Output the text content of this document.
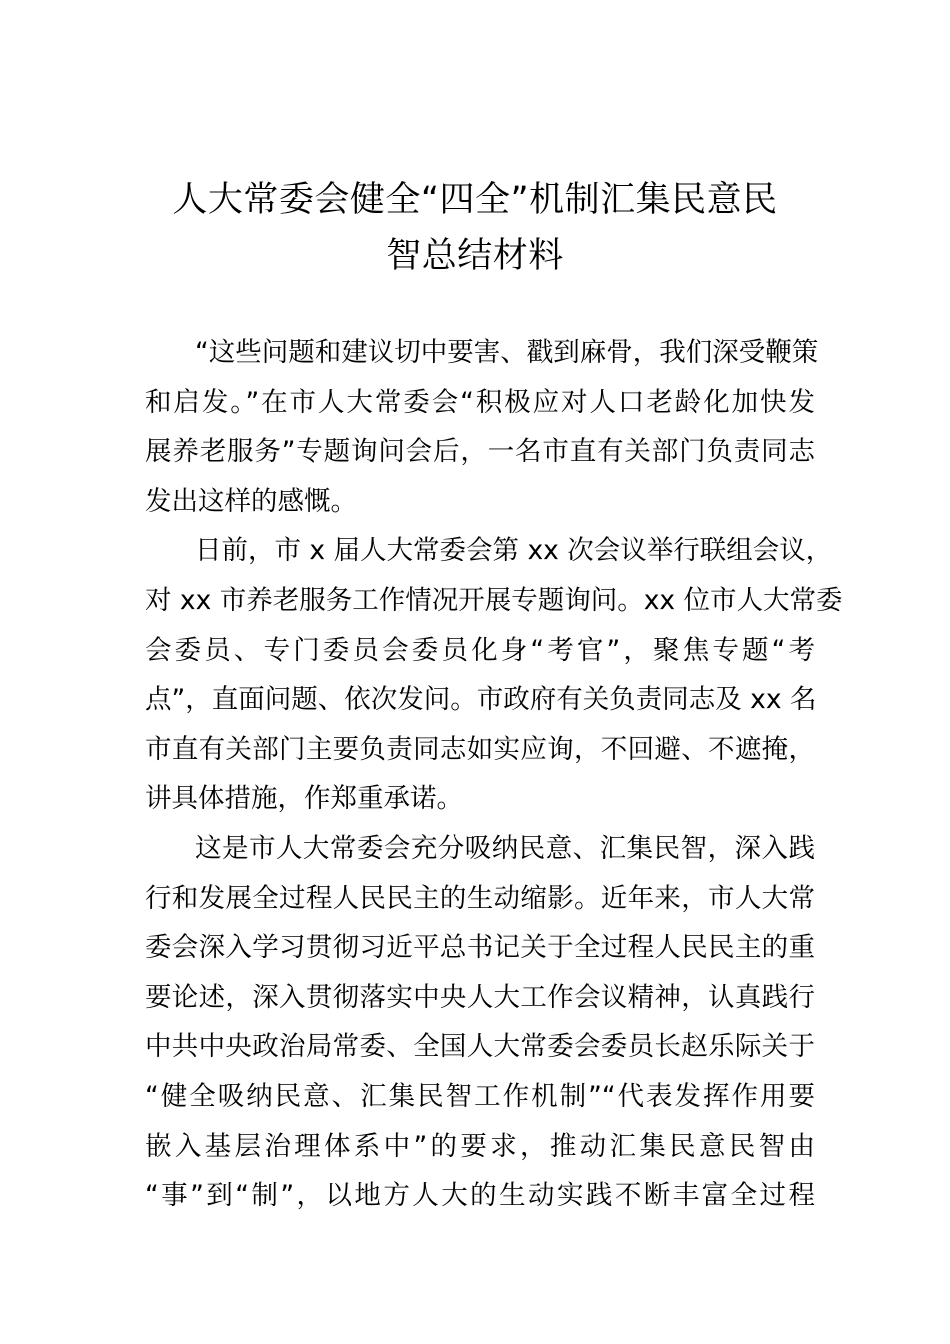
人大常委会健全“四全”机制汇集民意民
智总结材料
“这些问题和建议切中要害、戳到麻骨，我们深受鞭策
和启发。”在市人大常委会“积极应对人口老龄化加快发
展养老服务”专题询问会后，一名市直有关部门负责同志
发出这样的感慨。
日前，市 x 届人大常委会第 xx 次会议举行联组会议，
对 xx 市养老服务工作情况开展专题询问。xx 位市人大常委
会委员、专门委员会委员化身“考官”，聚焦专题“考
点”，直面问题、依次发问。市政府有关负责同志及 xx 名
市直有关部门主要负责同志如实应询，不回避、不遮掩，
讲具体措施，作郑重承诺。
这是市人大常委会充分吸纳民意、汇集民智，深入践
行和发展全过程人民民主的生动缩影。近年来，市人大常
委会深入学习贯彻习近平总书记关于全过程人民民主的重
要论述，深入贯彻落实中央人大工作会议精神，认真践行
中共中央政治局常委、全国人大常委会委员长赵乐际关于
“健全吸纳民意、汇集民智工作机制”“代表发挥作用要
嵌入基层治理体系中”的要求，推动汇集民意民智由
“事”到“制”，以地方人大的生动实践不断丰富全过程
